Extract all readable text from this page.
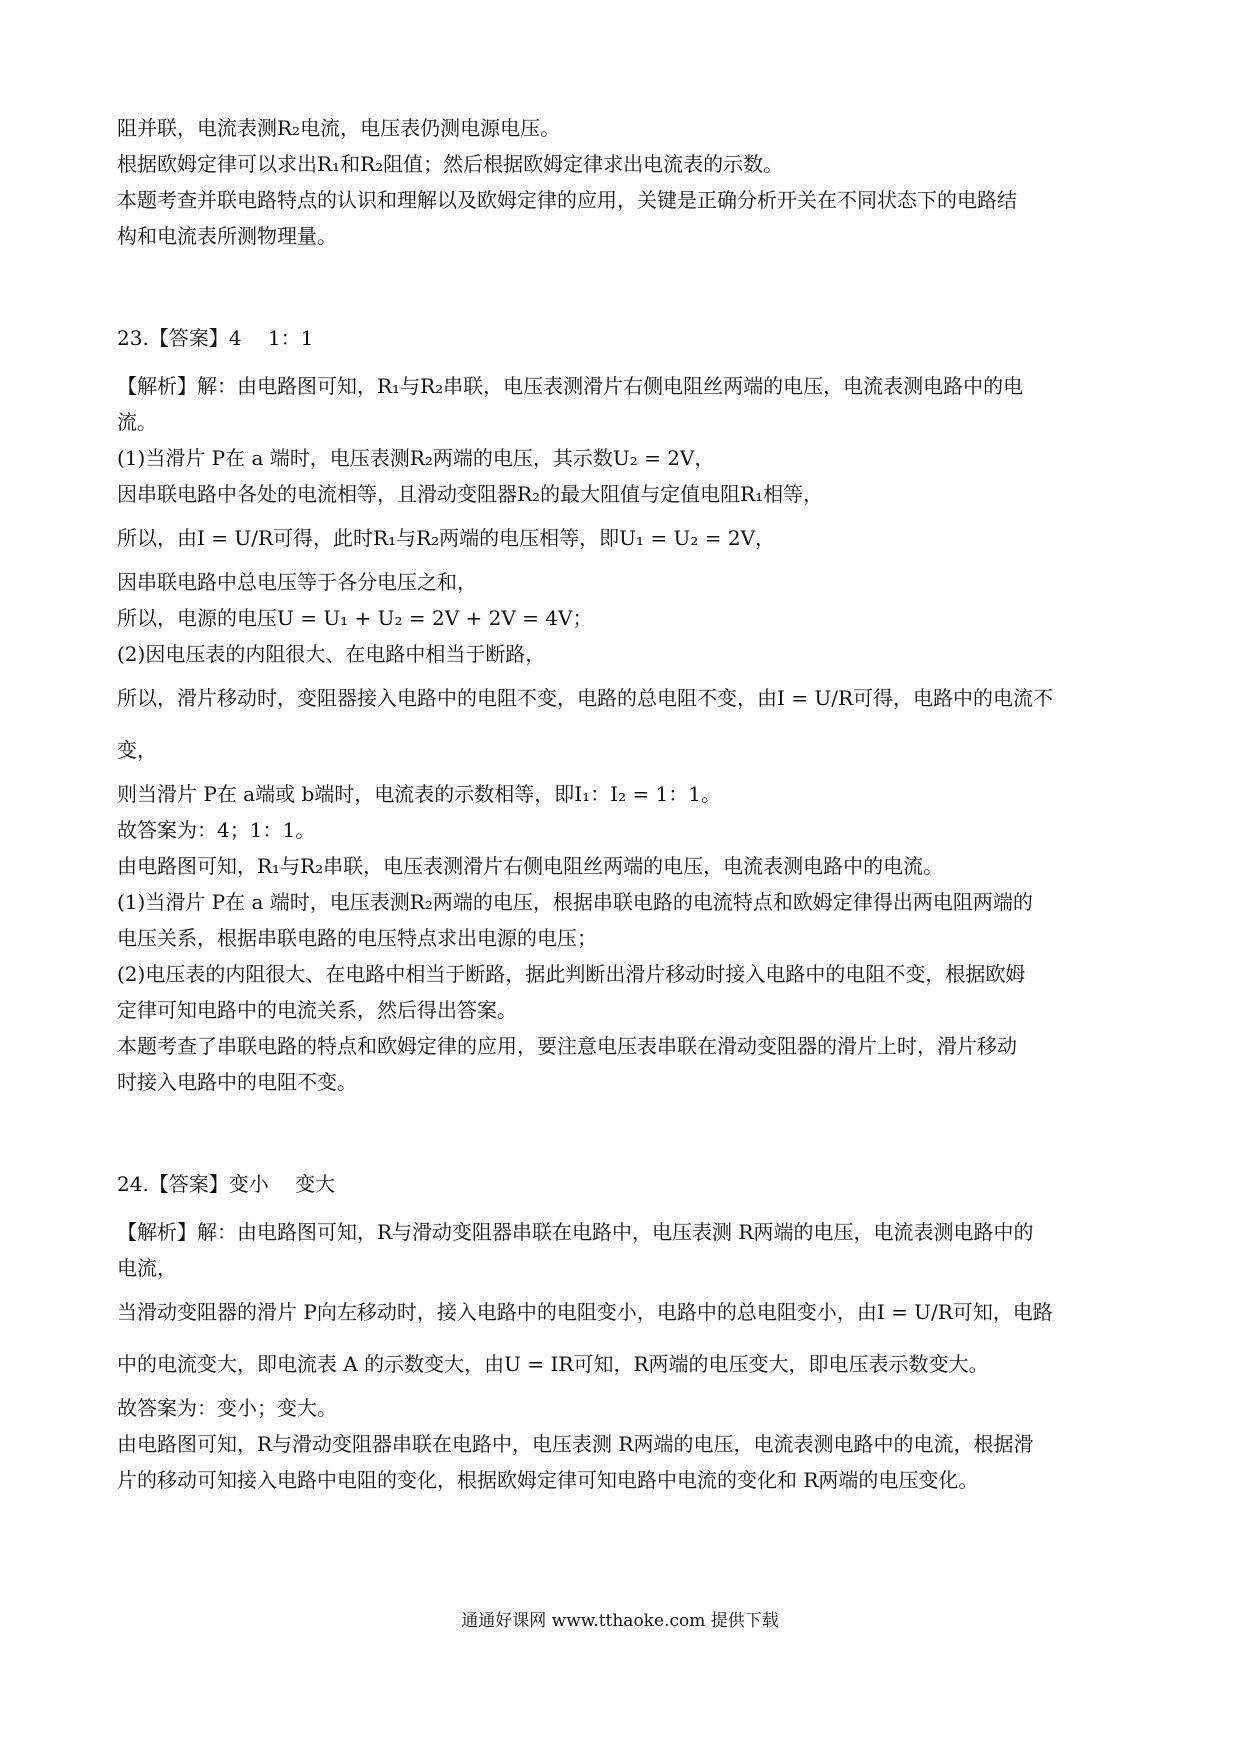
阻并联，电流表测R₂电流，电压表仍测电源电压。

根据欧姆定律可以求出R₁和R₂阻值；然后根据欧姆定律求出电流表的示数。

本题考查并联电路特点的认识和理解以及欧姆定律的应用，关键是正确分析开关在不同状态下的电路结

构和电流表所测物理量。

23.【答案】4　 1：1

【解析】解：由电路图可知，R₁与R₂串联，电压表测滑片右侧电阻丝两端的电压，电流表测电路中的电

流。

(1)当滑片 P在 a 端时，电压表测R₂两端的电压，其示数U₂ = 2V，

因串联电路中各处的电流相等，且滑动变阻器R₂的最大阻值与定值电阻R₁相等，

所以，由I = U/R可得，此时R₁与R₂两端的电压相等，即U₁ = U₂ = 2V，

因串联电路中总电压等于各分电压之和，

所以，电源的电压U = U₁ + U₂ = 2V + 2V = 4V；

(2)因电压表的内阻很大、在电路中相当于断路，

所以，滑片移动时，变阻器接入电路中的电阻不变，电路的总电阻不变，由I = U/R可得，电路中的电流不

变，

则当滑片 P在 a端或 b端时，电流表的示数相等，即I₁：I₂ = 1：1。

故答案为：4；1：1。

由电路图可知，R₁与R₂串联，电压表测滑片右侧电阻丝两端的电压，电流表测电路中的电流。

(1)当滑片 P在 a 端时，电压表测R₂两端的电压，根据串联电路的电流特点和欧姆定律得出两电阻两端的

电压关系，根据串联电路的电压特点求出电源的电压；

(2)电压表的内阻很大、在电路中相当于断路，据此判断出滑片移动时接入电路中的电阻不变，根据欧姆

定律可知电路中的电流关系，然后得出答案。

本题考查了串联电路的特点和欧姆定律的应用，要注意电压表串联在滑动变阻器的滑片上时，滑片移动

时接入电路中的电阻不变。

24.【答案】变小　 变大

【解析】解：由电路图可知，R与滑动变阻器串联在电路中，电压表测 R两端的电压，电流表测电路中的

电流，

当滑动变阻器的滑片 P向左移动时，接入电路中的电阻变小，电路中的总电阻变小，由I = U/R可知，电路

中的电流变大，即电流表 A 的示数变大，由U = IR可知，R两端的电压变大，即电压表示数变大。

故答案为：变小；变大。

由电路图可知，R与滑动变阻器串联在电路中，电压表测 R两端的电压，电流表测电路中的电流，根据滑

片的移动可知接入电路中电阻的变化，根据欧姆定律可知电路中电流的变化和 R两端的电压变化。

通通好课网 www.tthaoke.com 提供下载
